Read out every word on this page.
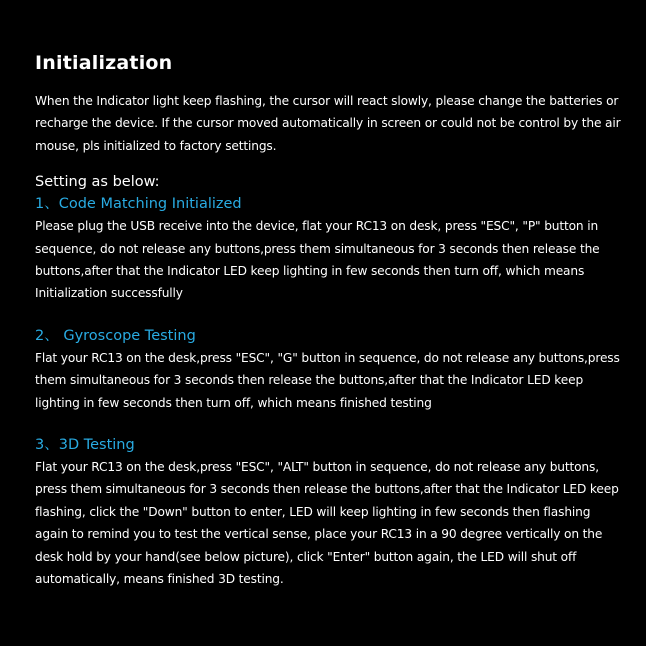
Initialization

When the Indicator light keep flashing, the cursor will react slowly, please change the batteries or recharge the device. If the cursor moved automatically in screen or could not be control by the air mouse, pls initialized to factory settings.

Setting as below:

1、Code Matching Initialized

Please plug the USB receive into the device, flat your RC13 on desk, press "ESC", "P" button in sequence, do not release any buttons,press them simultaneous for 3 seconds then release the buttons,after that the Indicator LED keep lighting in few seconds then turn off, which means Initialization successfully

2、 Gyroscope Testing

Flat your RC13 on the desk,press "ESC", "G" button in sequence, do not release any buttons,press them simultaneous for 3 seconds then release the buttons,after that the Indicator LED keep lighting in few seconds then turn off, which means finished testing

3、3D Testing

Flat your RC13 on the desk,press "ESC", "ALT" button in sequence, do not release any buttons, press them simultaneous for 3 seconds then release the buttons,after that the Indicator LED keep flashing, click the "Down" button to enter, LED will keep lighting in few seconds then flashing again to remind you to test the vertical sense, place your RC13 in a 90 degree vertically on the desk hold by your hand(see below picture), click "Enter" button again, the LED will shut off automatically, means finished 3D testing.
